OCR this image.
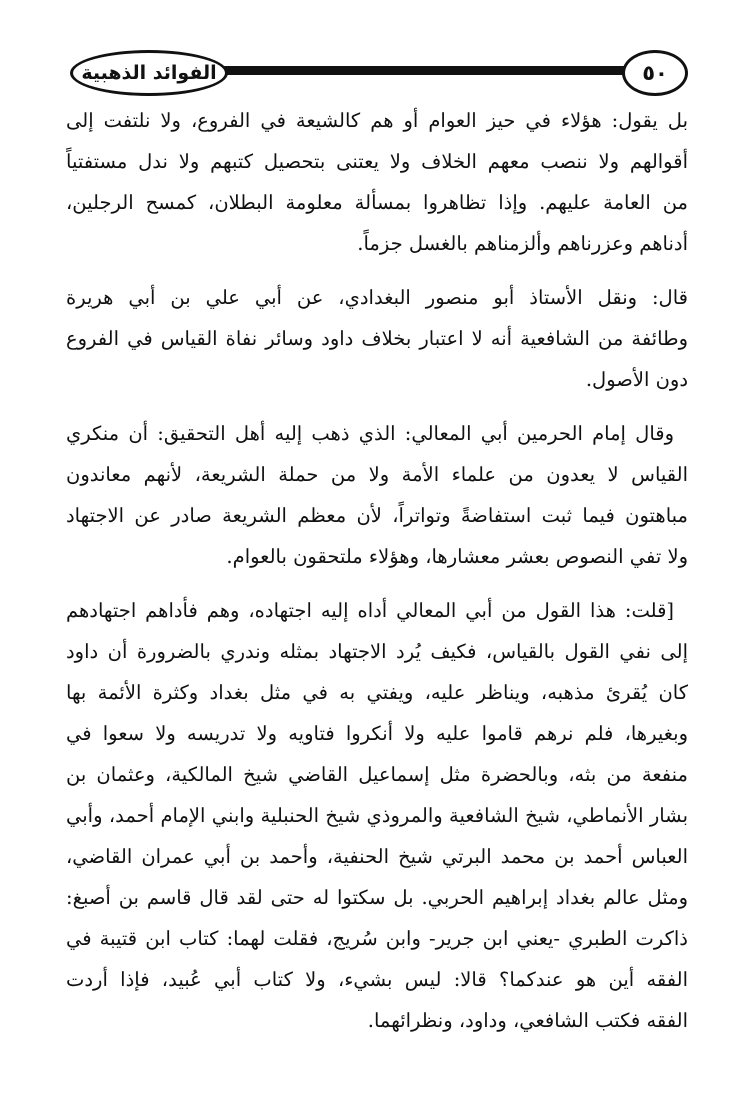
الفوائد الذهبية	٥٠
بل يقول: هؤلاء في حيز العوام أو هم كالشيعة في الفروع، ولا نلتفت إلى
أقوالهم ولا ننصب معهم الخلاف ولا يعتنى بتحصيل كتبهم ولا ندل مستفتياً
من العامة عليهم. وإذا تظاهروا بمسألة معلومة البطلان، كمسح الرجلين،
أدناهم وعزرناهم وألزمناهم بالغسل جزماً.
قال: ونقل الأستاذ أبو منصور البغدادي، عن أبي علي بن أبي هريرة
وطائفة من الشافعية أنه لا اعتبار بخلاف داود وسائر نفاة القياس في الفروع
دون الأصول.
وقال إمام الحرمين أبي المعالي: الذي ذهب إليه أهل التحقيق: أن منكري
القياس لا يعدون من علماء الأمة ولا من حملة الشريعة، لأنهم معاندون
مباهتون فيما ثبت استفاضةً وتواتراً، لأن معظم الشريعة صادر عن الاجتهاد
ولا تفي النصوص بعشر معشارها، وهؤلاء ملتحقون بالعوام.
[قلت: هذا القول من أبي المعالي أداه إليه اجتهاده، وهم فأداهم اجتهادهم
إلى نفي القول بالقياس، فكيف يُرد الاجتهاد بمثله وندري بالضرورة أن داود
كان يُقرئ مذهبه، ويناظر عليه، ويفتي به في مثل بغداد وكثرة الأئمة بها
وبغيرها، فلم نرهم قاموا عليه ولا أنكروا فتاويه ولا تدريسه ولا سعوا في
منفعة من بثه، وبالحضرة مثل إسماعيل القاضي شيخ المالكية، وعثمان بن
بشار الأنماطي، شيخ الشافعية والمروذي شيخ الحنبلية وابني الإمام أحمد، وأبي
العباس أحمد بن محمد البرتي شيخ الحنفية، وأحمد بن أبي عمران القاضي،
ومثل عالم بغداد إبراهيم الحربي. بل سكتوا له حتى لقد قال قاسم بن أصبغ:
ذاكرت الطبري -يعني ابن جرير- وابن سُريج، فقلت لهما: كتاب ابن قتيبة في
الفقه أين هو عندكما؟ قالا: ليس بشيء، ولا كتاب أبي عُبيد، فإذا أردت
الفقه فكتب الشافعي، وداود، ونظرائهما.
